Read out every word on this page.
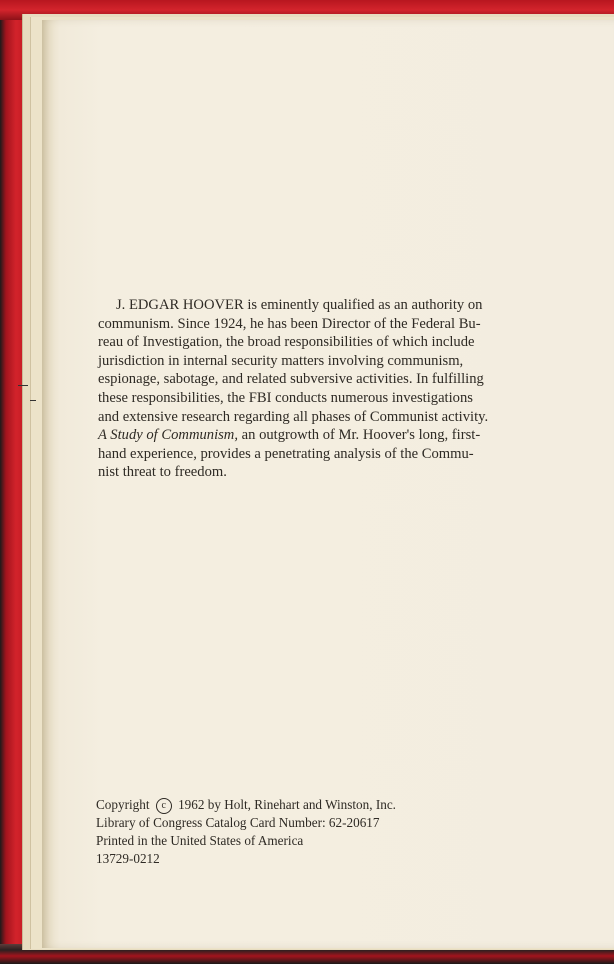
J. EDGAR HOOVER is eminently qualified as an authority on

communism. Since 1924, he has been Director of the Federal Bu-

reau of Investigation, the broad responsibilities of which include

jurisdiction in internal security matters involving communism,

espionage, sabotage, and related subversive activities. In fulfilling

these responsibilities, the FBI conducts numerous investigations

and extensive research regarding all phases of Communist activity.

A Study of Communism, an outgrowth of Mr. Hoover's long, first-

hand experience, provides a penetrating analysis of the Commu-

nist threat to freedom.

Copyright c 1962 by Holt, Rinehart and Winston, Inc.
Library of Congress Catalog Card Number: 62-20617
Printed in the United States of America
13729-0212
